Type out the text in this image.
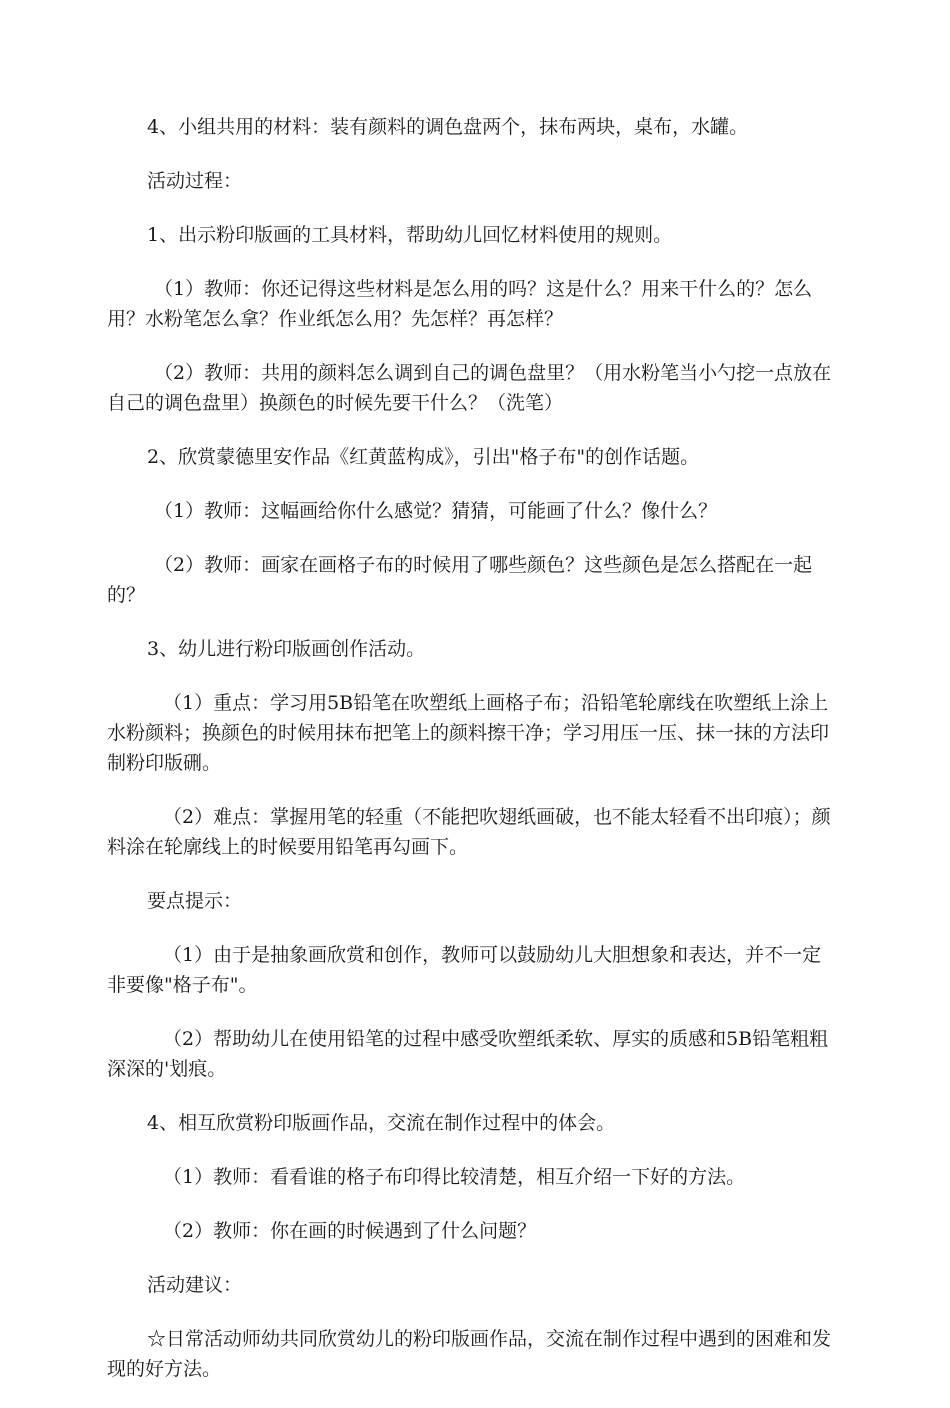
4、小组共用的材料：装有颜料的调色盘两个，抹布两块，桌布，水罐。

活动过程：

1、出示粉印版画的工具材料，帮助幼儿回忆材料使用的规则。

（1）教师：你还记得这些材料是怎么用的吗？这是什么？用来干什么的？怎么用？水粉笔怎么拿？作业纸怎么用？先怎样？再怎样？

（2）教师：共用的颜料怎么调到自己的调色盘里？（用水粉笔当小勺挖一点放在自己的调色盘里）换颜色的时候先要干什么？（洗笔）

2、欣赏蒙德里安作品《红黄蓝构成》，引出"格子布"的创作话题。

（1）教师：这幅画给你什么感觉？猜猜，可能画了什么？像什么？

（2）教师：画家在画格子布的时候用了哪些颜色？这些颜色是怎么搭配在一起的？

3、幼儿进行粉印版画创作活动。

（1）重点：学习用5B铅笔在吹塑纸上画格子布；沿铅笔轮廓线在吹塑纸上涂上水粉颜料；换颜色的时候用抹布把笔上的颜料擦干净；学习用压一压、抹一抹的方法印制粉印版硎。

（2）难点：掌握用笔的轻重（不能把吹翅纸画破，也不能太轻看不出印痕）；颜料涂在轮廓线上的时候要用铅笔再勾画下。

要点提示：

（1）由于是抽象画欣赏和创作，教师可以鼓励幼儿大胆想象和表达，并不一定非要像"格子布"。

（2）帮助幼儿在使用铅笔的过程中感受吹塑纸柔软、厚实的质感和5B铅笔粗粗深深的'划痕。

4、相互欣赏粉印版画作品，交流在制作过程中的体会。

（1）教师：看看谁的格子布印得比较清楚，相互介绍一下好的方法。

（2）教师：你在画的时候遇到了什么问题？

活动建议：

☆日常活动师幼共同欣赏幼儿的粉印版画作品，交流在制作过程中遇到的困难和发现的好方法。
